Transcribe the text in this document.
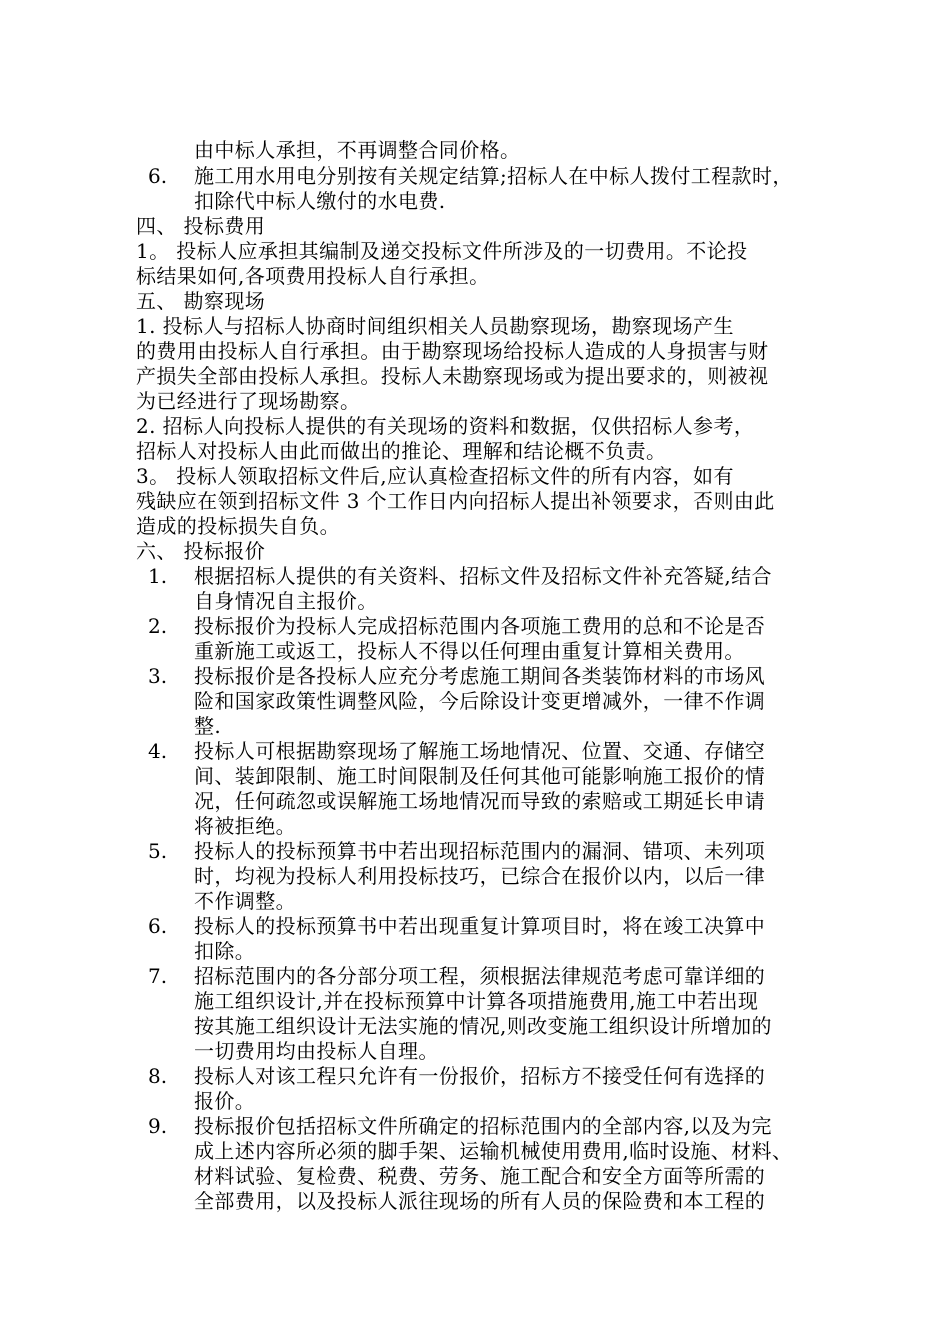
由中标人承担，不再调整合同价格。
6. 施工用水用电分别按有关规定结算;招标人在中标人拨付工程款时，
扣除代中标人缴付的水电费.
四、 投标费用
1。 投标人应承担其编制及递交投标文件所涉及的一切费用。不论投
标结果如何,各项费用投标人自行承担。
五、 勘察现场
1. 投标人与招标人协商时间组织相关人员勘察现场，勘察现场产生
的费用由投标人自行承担。由于勘察现场给投标人造成的人身损害与财
产损失全部由投标人承担。投标人未勘察现场或为提出要求的，则被视
为已经进行了现场勘察。
2. 招标人向投标人提供的有关现场的资料和数据，仅供招标人参考，
招标人对投标人由此而做出的推论、理解和结论概不负责。
3。 投标人领取招标文件后,应认真检查招标文件的所有内容，如有
残缺应在领到招标文件 3 个工作日内向招标人提出补领要求，否则由此
造成的投标损失自负。
六、 投标报价
1. 根据招标人提供的有关资料、招标文件及招标文件补充答疑,结合
自身情况自主报价。
2. 投标报价为投标人完成招标范围内各项施工费用的总和不论是否
重新施工或返工，投标人不得以任何理由重复计算相关费用。
3. 投标报价是各投标人应充分考虑施工期间各类装饰材料的市场风
险和国家政策性调整风险，今后除设计变更增减外，一律不作调
整.
4. 投标人可根据勘察现场了解施工场地情况、位置、交通、存储空
间、装卸限制、施工时间限制及任何其他可能影响施工报价的情
况，任何疏忽或误解施工场地情况而导致的索赔或工期延长申请
将被拒绝。
5. 投标人的投标预算书中若出现招标范围内的漏洞、错项、未列项
时，均视为投标人利用投标技巧，已综合在报价以内，以后一律
不作调整。
6. 投标人的投标预算书中若出现重复计算项目时，将在竣工决算中
扣除。
7. 招标范围内的各分部分项工程，须根据法律规范考虑可靠详细的
施工组织设计,并在投标预算中计算各项措施费用,施工中若出现
按其施工组织设计无法实施的情况,则改变施工组织设计所增加的
一切费用均由投标人自理。
8. 投标人对该工程只允许有一份报价，招标方不接受任何有选择的
报价。
9. 投标报价包括招标文件所确定的招标范围内的全部内容,以及为完
成上述内容所必须的脚手架、运输机械使用费用,临时设施、材料、
材料试验、复检费、税费、劳务、施工配合和安全方面等所需的
全部费用，以及投标人派往现场的所有人员的保险费和本工程的
